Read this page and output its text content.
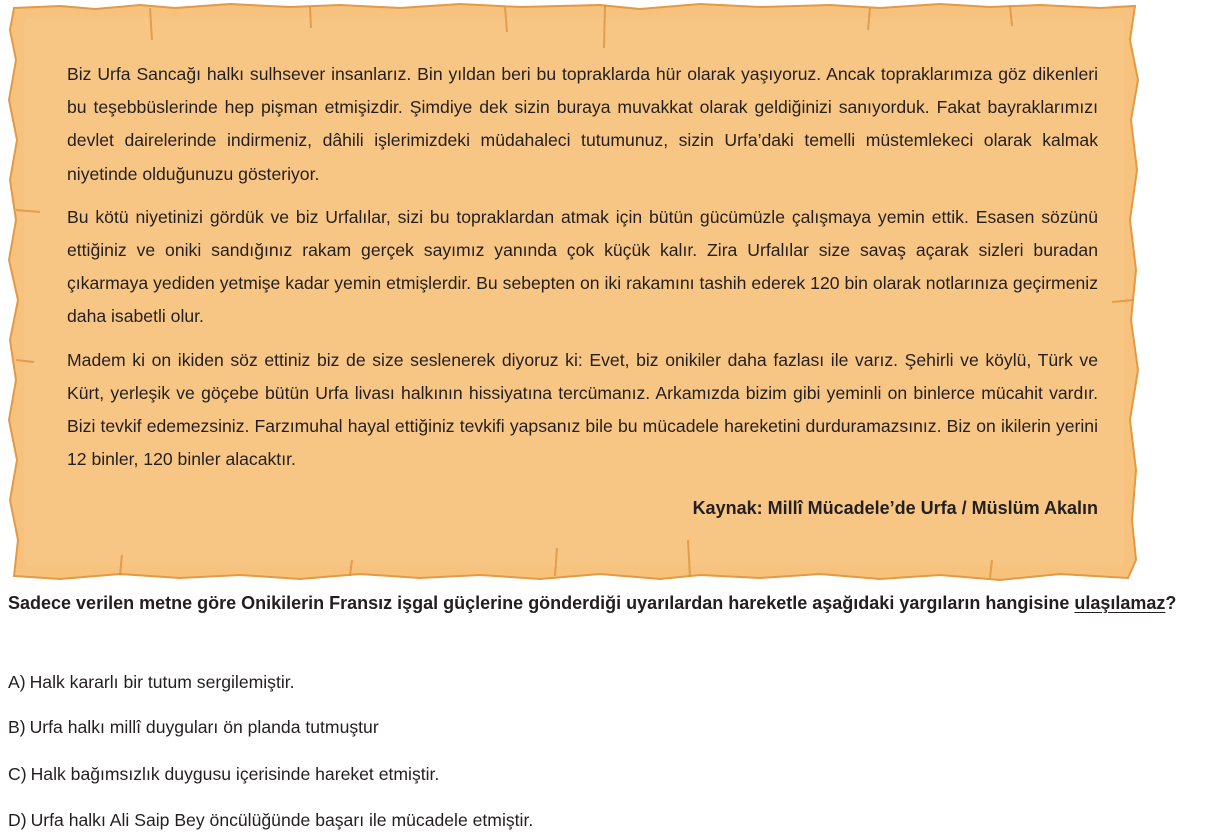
Biz Urfa Sancağı halkı sulhsever insanlarız. Bin yıldan beri bu topraklarda hür olarak yaşıyoruz. Ancak topraklarımıza göz dikenleri bu teşebbüslerinde hep pişman etmişizdir. Şimdiye dek sizin buraya muvakkat olarak geldiğinizi sanıyorduk. Fakat bayraklarımızı devlet dairelerinde indirmeniz, dâhili işlerimizdeki müdahaleci tutumunuz, sizin Urfa’daki temelli müstemlekeci olarak kalmak niyetinde olduğunuzu gösteriyor.

Bu kötü niyetinizi gördük ve biz Urfalılar, sizi bu topraklardan atmak için bütün gücümüzle çalışmaya yemin ettik. Esasen sözünü ettiğiniz ve oniki sandığınız rakam gerçek sayımız yanında çok küçük kalır. Zira Urfalılar size savaş açarak sizleri buradan çıkarmaya yediden yetmişe kadar yemin etmişlerdir. Bu sebepten on iki rakamını tashih ederek 120 bin olarak notlarınıza geçirmeniz daha isabetli olur.

Madem ki on ikiden söz ettiniz biz de size seslenerek diyoruz ki: Evet, biz onikiler daha fazlası ile varız. Şehirli ve köylü, Türk ve Kürt, yerleşik ve göçebe bütün Urfa livası halkının hissiyatına tercümanız. Arkamızda bizim gibi yeminli on binlerce mücahit vardır. Bizi tevkif edemezsiniz. Farzımuhal hayal ettiğiniz tevkifi yapsanız bile bu mücadele hareketini durduramazsınız. Biz on ikilerin yerini 12 binler, 120 binler alacaktır.

Kaynak: Millî Mücadele’de Urfa / Müslüm Akalın
Sadece verilen metne göre Onikilerin Fransız işgal güçlerine gönderdiği uyarılardan hareketle aşağıdaki yargıların hangisine ulaşılamaz?
A) Halk kararlı bir tutum sergilemiştir.
B) Urfa halkı millî duyguları ön planda tutmuştur
C) Halk bağımsızlık duygusu içerisinde hareket etmiştir.
D) Urfa halkı Ali Saip Bey öncülüğünde başarı ile mücadele etmiştir.
